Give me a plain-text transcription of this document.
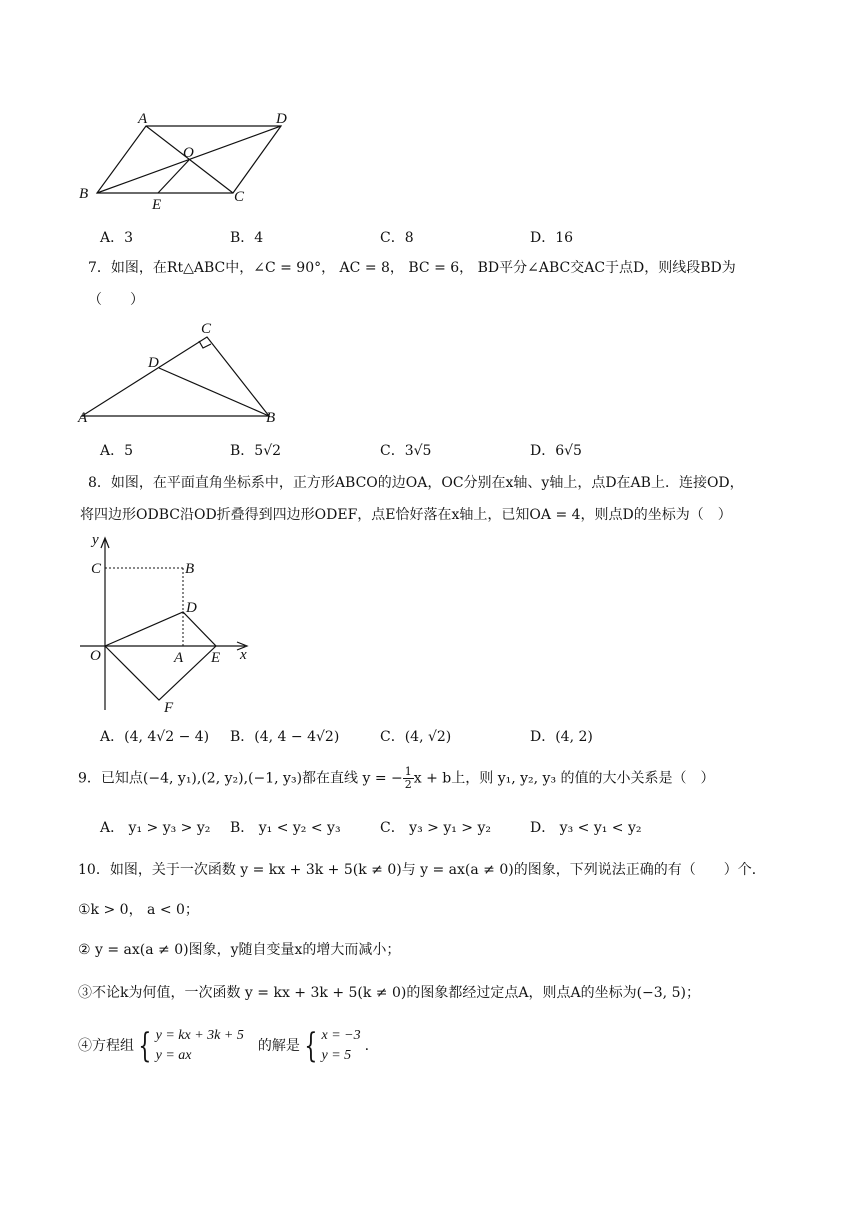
A	D
O
B
E	C
A．3	B．4	C．8	D．16
7．如图，在Rt△ABC中，∠C = 90°， AC = 8， BC = 6， BD平分∠ABC交AC于点D，则线段BD为
（　　）
C
D
A	B
A．5	B．5√2	C．3√5	D．6√5
8．如图，在平面直角坐标系中，正方形ABCO的边OA，OC分别在x轴、y轴上，点D在AB上．连接OD，
将四边形ODBC沿OD折叠得到四边形ODEF，点E恰好落在x轴上，已知OA = 4，则点D的坐标为（　）
y
C	B
D
O	A E x
F
A．(4, 4√2 − 4) B．(4, 4 − 4√2)	C．(4, √2)	D．(4, 2)
9．已知点(−4, y₁),(2, y₂),(−1, y₃)都在直线 y = − $\frac{1}{2}$ x + b上，则 y₁, y₂, y₃ 的值的大小关系是（　）
A． y₁ > y₃ > y₂ B． y₁ < y₂ < y₃	C． y₃ > y₁ > y₂	D． y₃ < y₁ < y₂
10．如图，关于一次函数 y = kx + 3k + 5(k ≠ 0)与 y = ax(a ≠ 0)的图象，下列说法正确的有（　　）个．
①k > 0， a < 0；
② y = ax(a ≠ 0)图象，y随自变量x的增大而减小；
③不论k为何值，一次函数 y = kx + 3k + 5(k ≠ 0)的图象都经过定点A，则点A的坐标为(−3, 5)；
④方程组 { y = kx + 3k + 5
y = ax
的解是 { x = −3
y = 5
.
